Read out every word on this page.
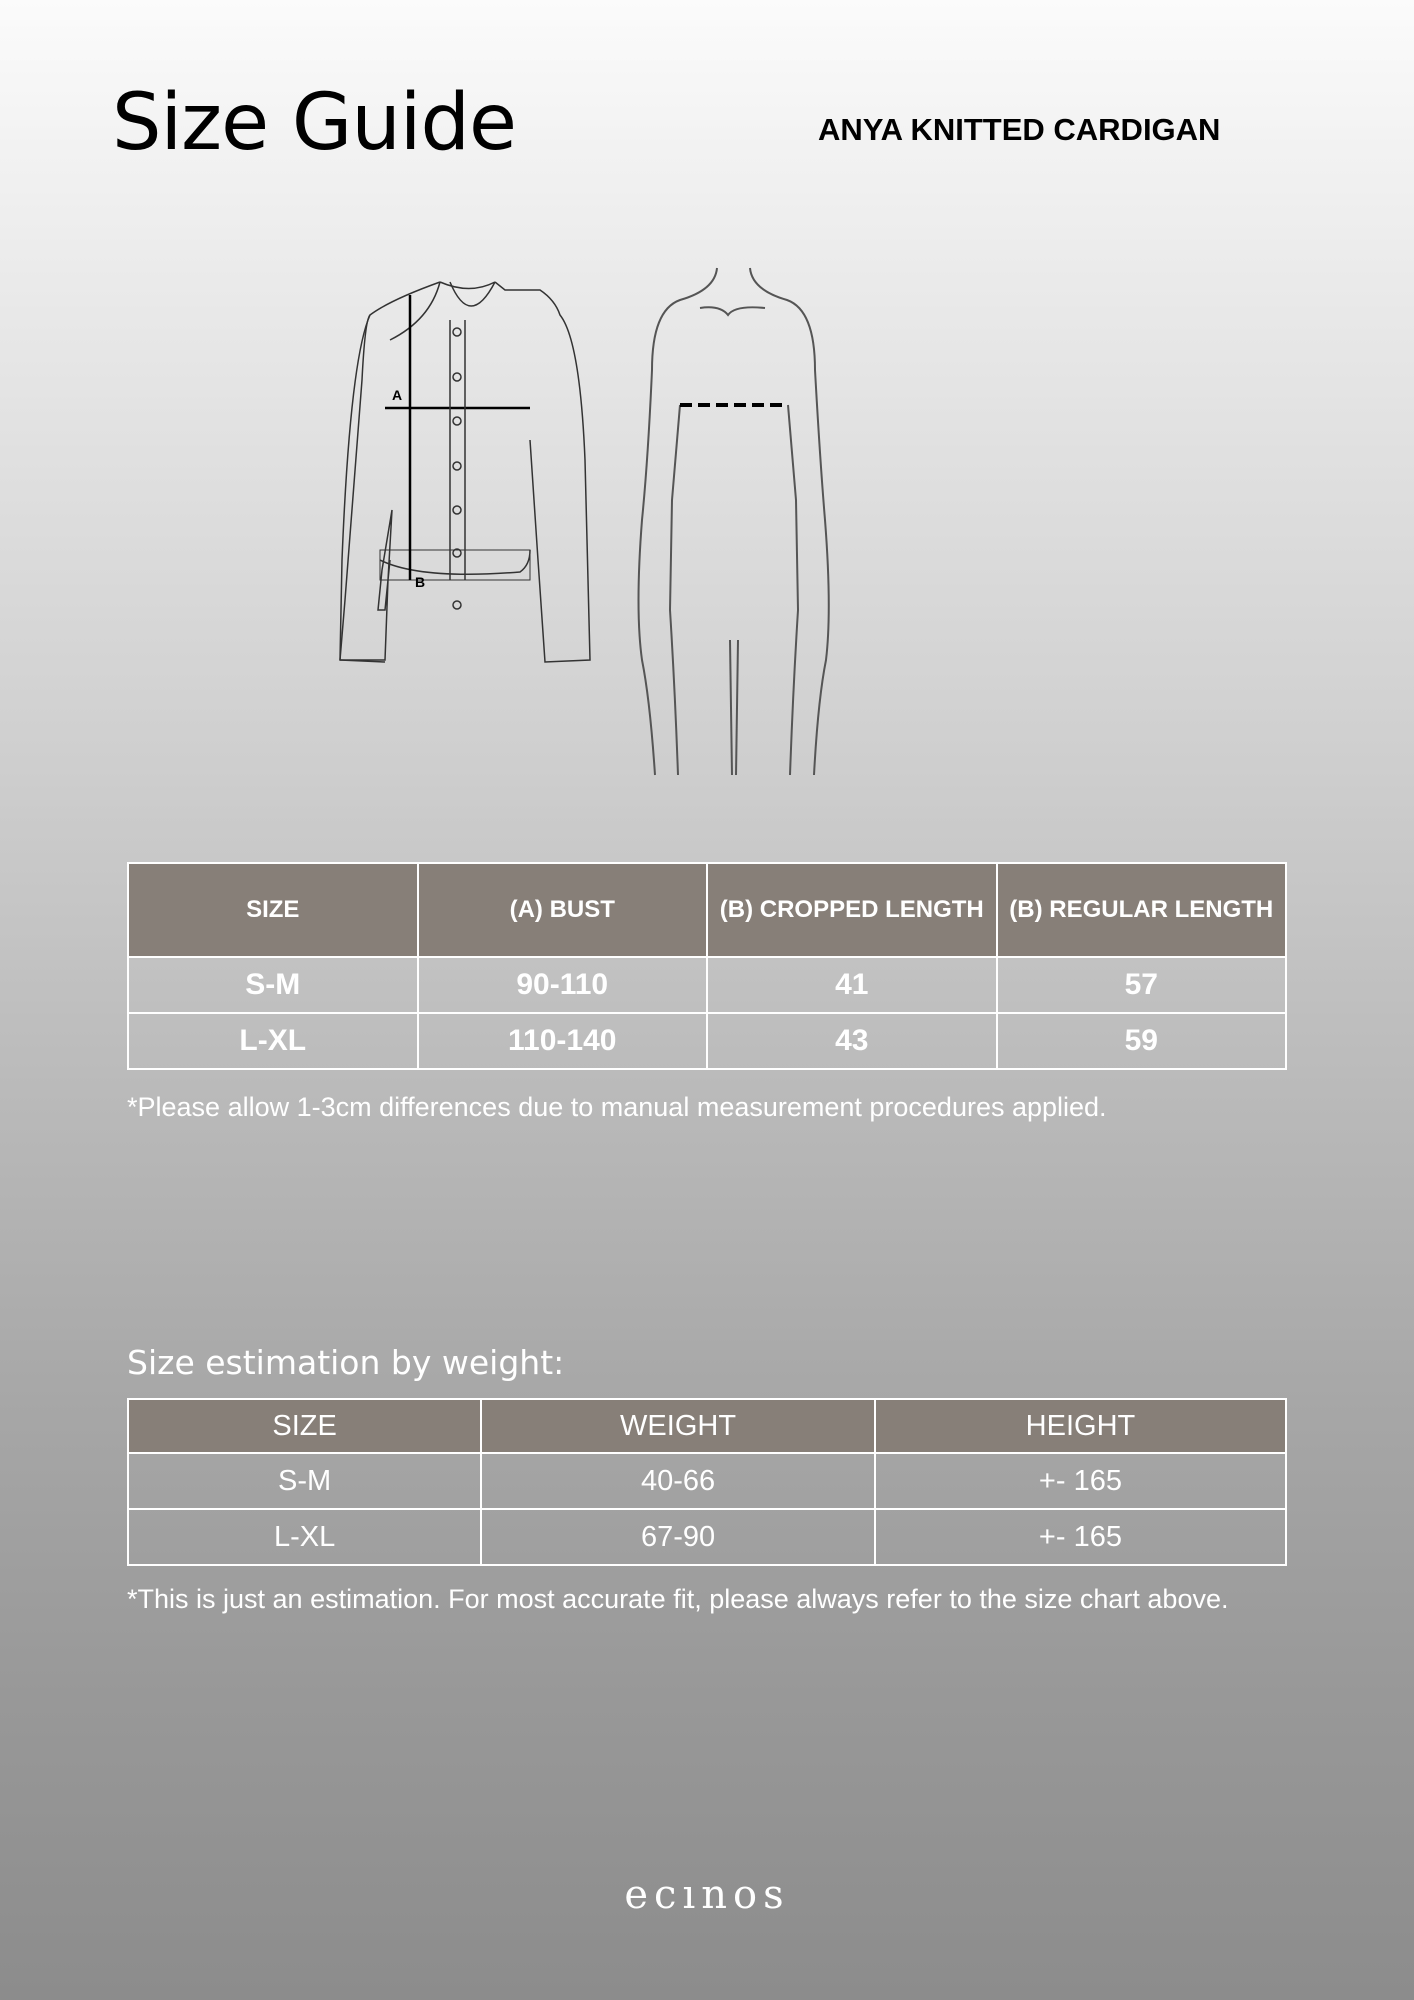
Size Guide	ANYA KNITTED CARDIGAN
A
B
SIZE	(A) BUST	(B) CROPPED LENGTH	(B) REGULAR LENGTH
S-M	90-110	41	57
L-XL	110-140	43	59
*Please allow 1-3cm differences due to manual measurement procedures applied.
Size estimation by weight:
SIZE	WEIGHT	HEIGHT
S-M	40-66	+- 165
L-XL	67-90	+- 165
*This is just an estimation. For most accurate fit, please always refer to the size chart above.
ecınos
